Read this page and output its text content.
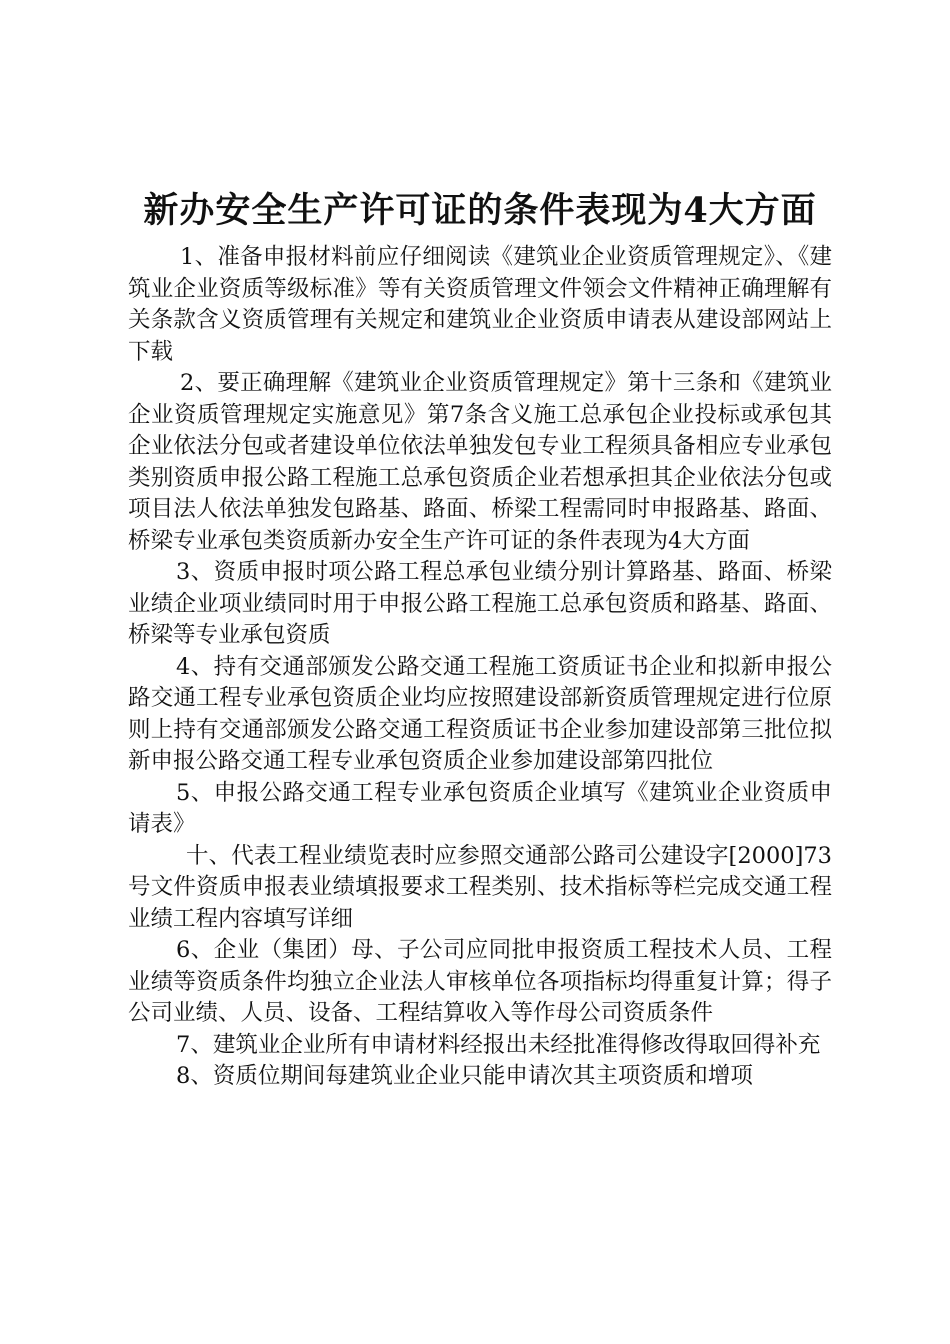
新办安全生产许可证的条件表现为4大方面

1、准备申报材料前应仔细阅读《建筑业企业资质管理规定》、《建筑业企业资质等级标准》等有关资质管理文件领会文件精神正确理解有关条款含义资质管理有关规定和建筑业企业资质申请表从建设部网站上下载

2、要正确理解《建筑业企业资质管理规定》第十三条和《建筑业企业资质管理规定实施意见》第7条含义施工总承包企业投标或承包其企业依法分包或者建设单位依法单独发包专业工程须具备相应专业承包类别资质申报公路工程施工总承包资质企业若想承担其企业依法分包或项目法人依法单独发包路基、路面、桥梁工程需同时申报路基、路面、桥梁专业承包类资质新办安全生产许可证的条件表现为4大方面

3、资质申报时项公路工程总承包业绩分别计算路基、路面、桥梁业绩企业项业绩同时用于申报公路工程施工总承包资质和路基、路面、桥梁等专业承包资质

4、持有交通部颁发公路交通工程施工资质证书企业和拟新申报公路交通工程专业承包资质企业均应按照建设部新资质管理规定进行位原则上持有交通部颁发公路交通工程资质证书企业参加建设部第三批位拟新申报公路交通工程专业承包资质企业参加建设部第四批位

5、申报公路交通工程专业承包资质企业填写《建筑业企业资质申请表》

十、代表工程业绩览表时应参照交通部公路司公建设字[2000]73号文件资质申报表业绩填报要求工程类别、技术指标等栏完成交通工程业绩工程内容填写详细

6、企业（集团）母、子公司应同批申报资质工程技术人员、工程业绩等资质条件均独立企业法人审核单位各项指标均得重复计算；得子公司业绩、人员、设备、工程结算收入等作母公司资质条件

7、建筑业企业所有申请材料经报出未经批准得修改得取回得补充

8、资质位期间每建筑业企业只能申请次其主项资质和增项
